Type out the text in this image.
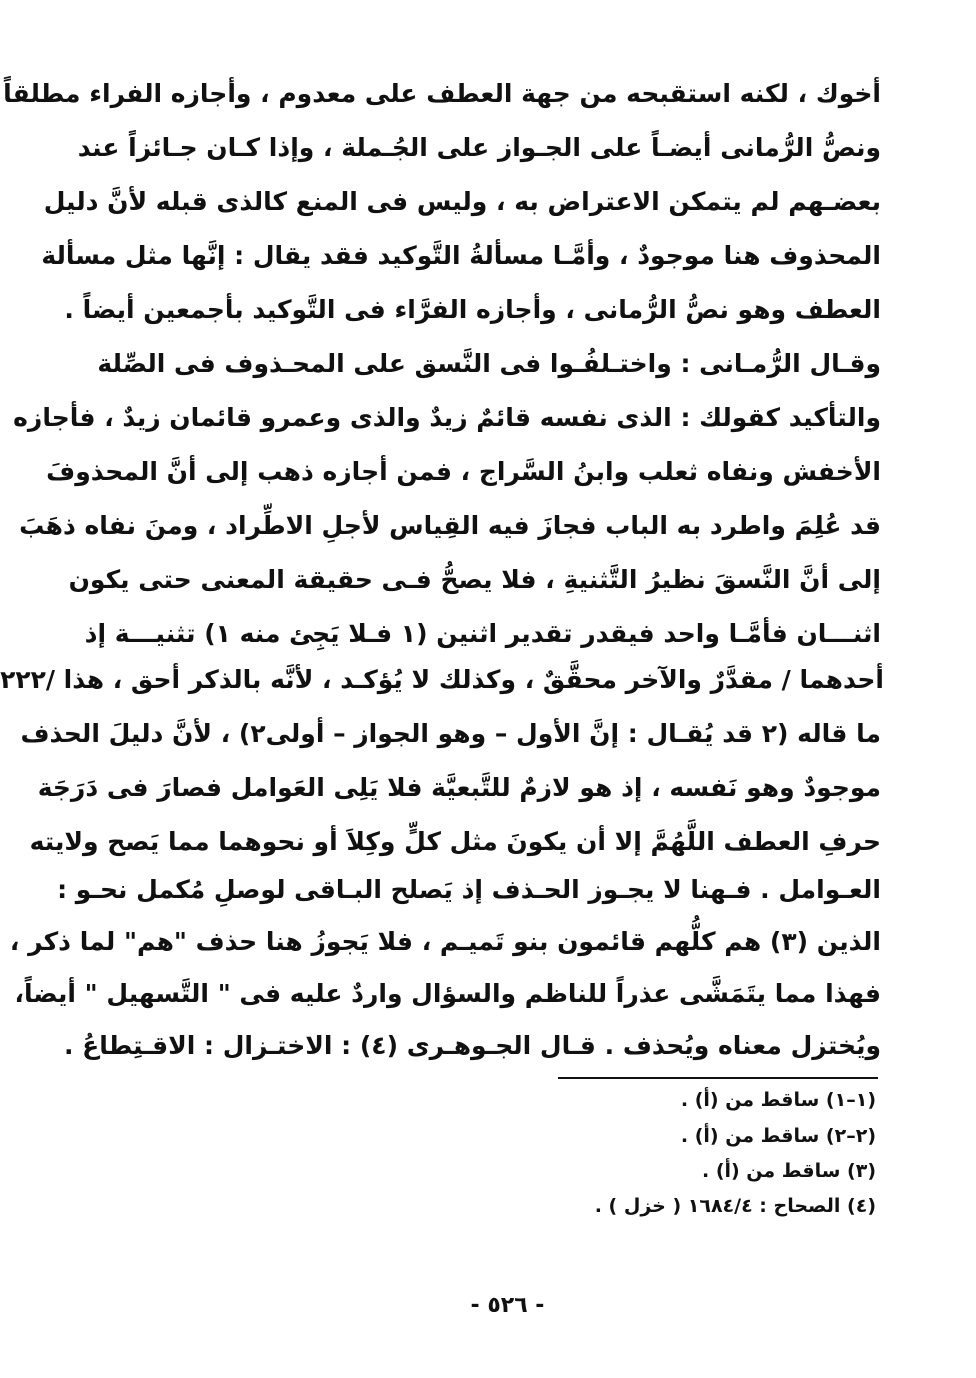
أخوك ، لكنه استقبحه من جهة العطف على معدوم ، وأجازه الفراء مطلقاً
ونصُّ الرُّمانى أيضـاً على الجـواز على الجُـملة ، وإذا كـان جـائزاً عند
بعضـهم لم يتمكن الاعتراض به ، وليس فى المنع كالذى قبله لأنَّ دليل
المحذوف هنا موجودٌ ، وأمَّـا مسألةُ التَّوكيد فقد يقال : إنَّها مثل مسألة
العطف وهو نصُّ الرُّمانى ، وأجازه الفرَّاء فى التَّوكيد بأجمعين أيضاً .
وقـال الرُّمـانى : واختـلفُـوا فى النَّسق على المحـذوف فى الصِّلة
والتأكيد كقولك : الذى نفسه قائمٌ زيدٌ والذى وعمرو قائمان زيدٌ ، فأجازه
الأخفش ونفاه ثعلب وابنُ السَّراج ، فمن أجازه ذهب إلى أنَّ المحذوفَ
قد عُلِمَ واطرد به الباب فجازَ فيه القِياس لأجلِ الاطِّراد ، ومنَ نفاه ذهَبَ
إلى أنَّ النَّسقَ نظيرُ التَّثنيةِ ، فلا يصحُّ فـى حقيقة المعنى حتى يكون
اثنـــان فأمَّـا واحد فيقدر تقدير اثنين (١ فـلا يَجِئ منه ١) تثنيـــة إذ
أحدهما / مقدَّرٌ والآخر محقَّقٌ ، وكذلك لا يُؤكـد ، لأنَّه بالذكر أحق ، هذا /٢٢٢
ما قاله (٢ قد يُقـال : إنَّ الأول – وهو الجواز – أولى٢) ، لأنَّ دليلَ الحذف
موجودٌ وهو نَفسه ، إذ هو لازمٌ للتَّبعيَّة فلا يَلِى العَوامل فصارَ فى دَرَجَة
حرفِ العطف اللَّهُمَّ إلا أن يكونَ مثل كلٍّ وكِلاَ أو نحوهما مما يَصح ولايته
العـوامل . فـهنا لا يجـوز الحـذف إذ يَصلح البـاقى لوصلِ مُكمل نحـو :
الذين (٣) هم كلُّهم قائمون بنو تَميـم ، فلا يَجوزُ هنا حذف "هم" لما ذكر ،
فهذا مما يتَمَشَّى عذراً للناظم والسؤال واردٌ عليه فى " التَّسهيل " أيضاً،
ويُختزل معناه ويُحذف . قـال الجـوهـرى (٤) : الاختـزال : الاقـتِطاعُ .
(١–١) ساقط من (أ) .
(٢–٢) ساقط من (أ) .
(٣) ساقط من (أ) .
(٤) الصحاح : ١٦٨٤/٤ ( خزل ) .
- ٥٢٦ -
